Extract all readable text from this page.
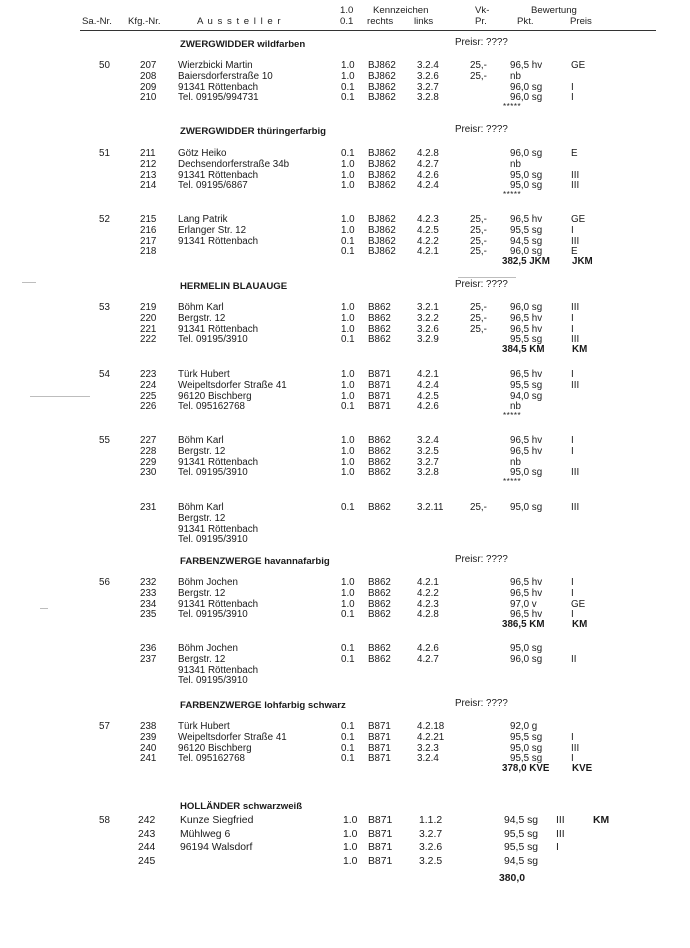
Sa.-Nr. Kfg.-Nr.	A u s s t e l l e r
1.0
0.1
Kennzeichen
rechts links
Vk-
Pr.
Bewertung
Pkt.	Preis
ZWERGWIDDER wildfarben	Preisr: ????
50	207 Wierzbicki Martin	1.0 BJ862 3.2.4	25,- 96,5 hv	GE
208 Baiersdorferstraße 10	1.0 BJ862 3.2.6	25,- nb
209 91341 Röttenbach	0.1 BJ862 3.2.7	96,0 sg	I
210 Tel. 09195/994731	0.1 BJ862 3.2.8	96,0 sg	I
*****
ZWERGWIDDER thüringerfarbig	Preisr: ????
51	211 Götz Heiko	0.1 BJ862 4.2.8	96,0 sg	E
212 Dechsendorferstraße 34b	1.0 BJ862 4.2.7	nb
213 91341 Röttenbach	1.0 BJ862 4.2.6	95,0 sg	III
214 Tel. 09195/6867	1.0 BJ862 4.2.4	95,0 sg	III
*****
52	215 Lang Patrik	1.0 BJ862 4.2.3	25,- 96,5 hv	GE
216 Erlanger Str. 12	1.0 BJ862 4.2.5	25,- 95,5 sg	I
217 91341 Röttenbach	0.1 BJ862 4.2.2	25,- 94,5 sg	III
218	0.1 BJ862 4.2.1	25,- 96,0 sg	E
382,5 JKM JKM
HERMELIN BLAUAUGE	Preisr: ????
53	219 Böhm Karl	1.0 B862	3.2.1	25,- 96,0 sg	III
220 Bergstr. 12	1.0 B862	3.2.2	25,- 96,5 hv	I
221 91341 Röttenbach	1.0 B862	3.2.6	25,- 96,5 hv	I
222 Tel. 09195/3910	0.1 B862	3.2.9	95,5 sg	III
384,5 KM	KM
54	223 Türk Hubert	1.0 B871	4.2.1	96,5 hv	I
224 Weipeltsdorfer Straße 41	1.0 B871	4.2.4	95,5 sg	III
225 96120 Bischberg	1.0 B871	4.2.5	94,0 sg
226 Tel. 095162768	0.1 B871	4.2.6	nb
*****
55	227 Böhm Karl	1.0 B862	3.2.4	96,5 hv	I
228 Bergstr. 12	1.0 B862	3.2.5	96,5 hv	I
229 91341 Röttenbach	1.0 B862	3.2.7	nb
230 Tel. 09195/3910	1.0 B862	3.2.8	95,0 sg	III
*****
231 Böhm Karl	0.1 B862	3.2.11	25,- 95,0 sg	III
Bergstr. 12
91341 Röttenbach
Tel. 09195/3910
FARBENZWERGE havannafarbig	Preisr: ????
56	232 Böhm Jochen	1.0 B862	4.2.1	96,5 hv	I
233 Bergstr. 12	1.0 B862	4.2.2	96,5 hv	I
234 91341 Röttenbach	1.0 B862	4.2.3	97,0 v	GE
235 Tel. 09195/3910	0.1 B862	4.2.8	96,5 hv	I
386,5 KM	KM
236 Böhm Jochen	0.1 B862	4.2.6	95,0 sg
237 Bergstr. 12	0.1 B862	4.2.7	96,0 sg	II
91341 Röttenbach
Tel. 09195/3910
FARBENZWERGE lohfarbig schwarz	Preisr: ????
57	238 Türk Hubert	0.1 B871	4.2.18	92,0 g
239 Weipeltsdorfer Straße 41	0.1 B871	4.2.21	95,5 sg	I
240 96120 Bischberg	0.1 B871	3.2.3	95,0 sg	III
241 Tel. 095162768	0.1 B871	3.2.4	95,5 sg	I
378,0 KVE KVE
HOLLÄNDER schwarzweiß
58	242 Kunze Siegfried	1.0 B871	1.1.2	94,5 sg III	KM
243 Mühlweg 6	1.0 B871	3.2.7	95,5 sg III
244 96194 Walsdorf	1.0 B871	3.2.6	95,5 sg I
245	1.0 B871	3.2.5	94,5 sg
380,0
